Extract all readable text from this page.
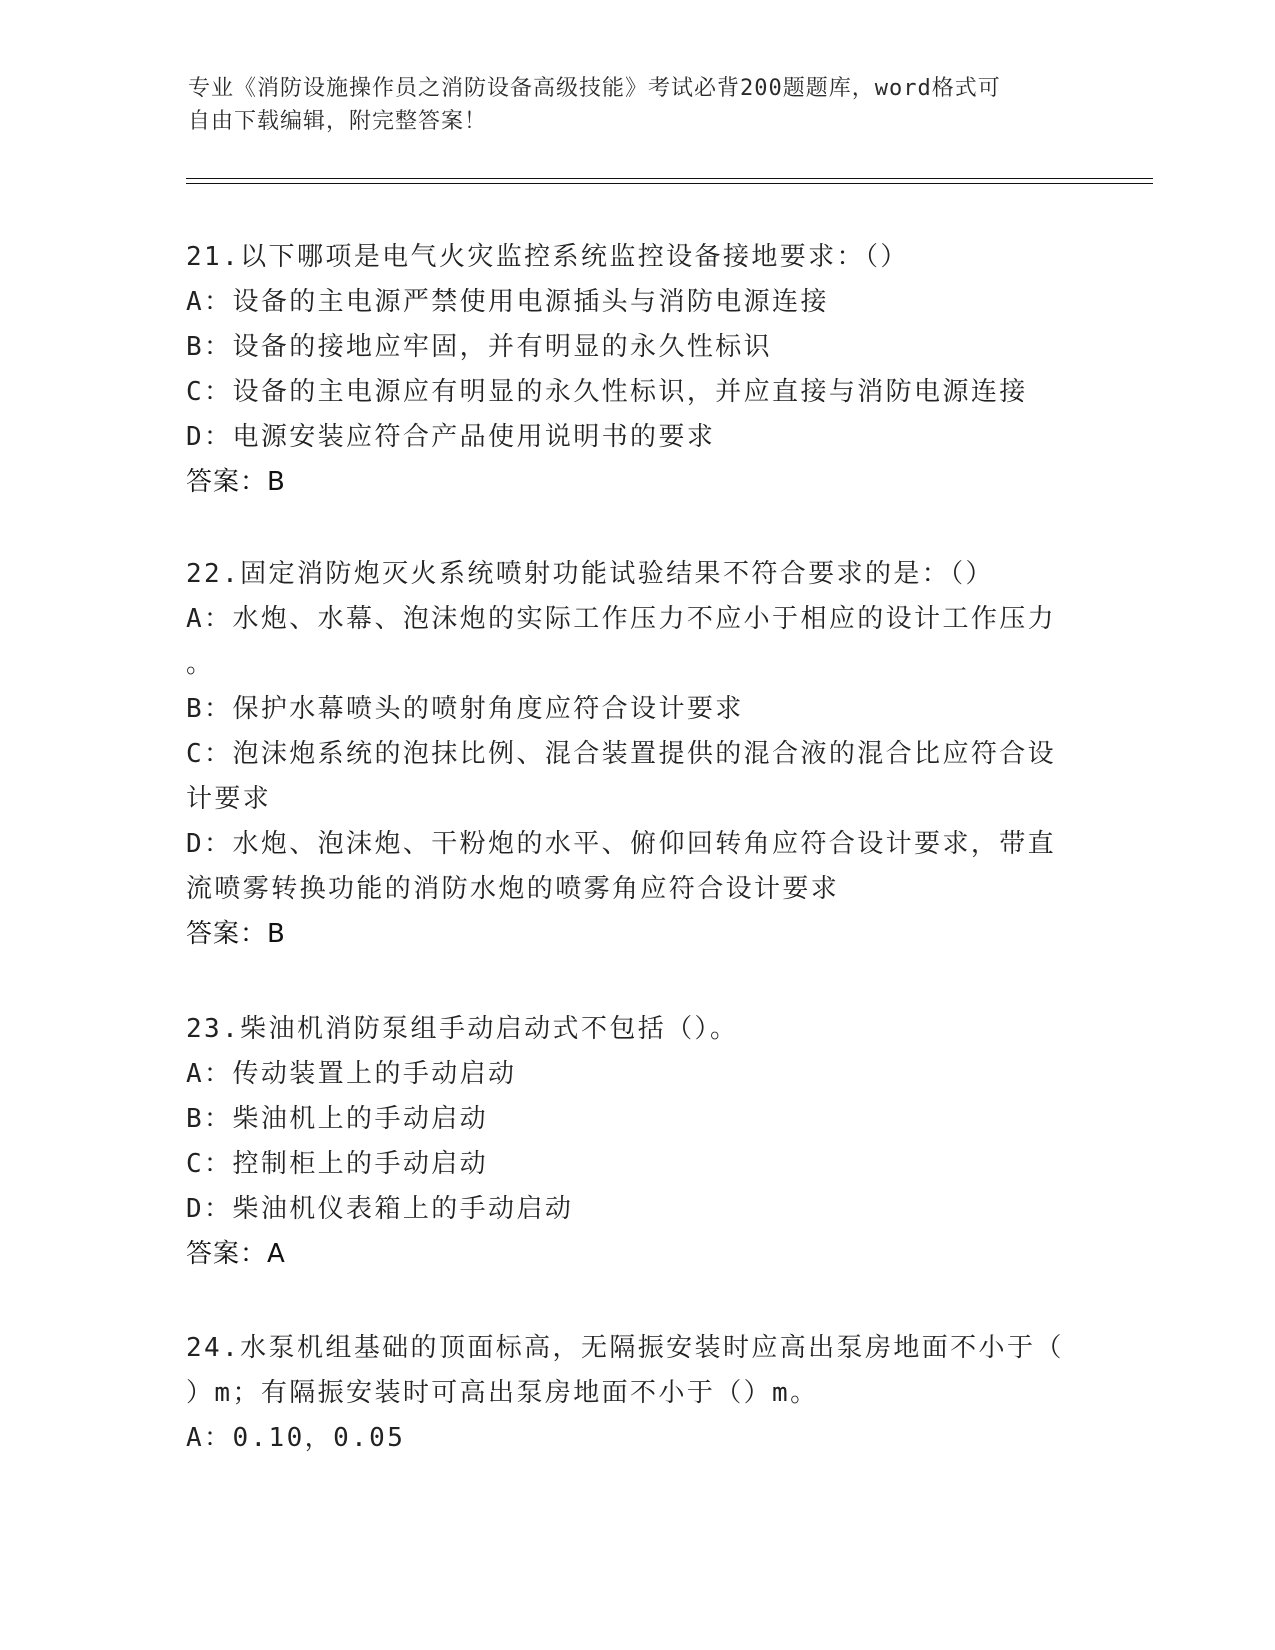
专业《消防设施操作员之消防设备高级技能》考试必背200题题库，word格式可
自由下载编辑，附完整答案！
21.以下哪项是电气火灾监控系统监控设备接地要求：（）
A：设备的主电源严禁使用电源插头与消防电源连接
B：设备的接地应牢固，并有明显的永久性标识
C：设备的主电源应有明显的永久性标识，并应直接与消防电源连接
D：电源安装应符合产品使用说明书的要求
答案：B
22.固定消防炮灭火系统喷射功能试验结果不符合要求的是：（）
A：水炮、水幕、泡沫炮的实际工作压力不应小于相应的设计工作压力
。
B：保护水幕喷头的喷射角度应符合设计要求
C：泡沫炮系统的泡抹比例、混合装置提供的混合液的混合比应符合设
计要求
D：水炮、泡沫炮、干粉炮的水平、俯仰回转角应符合设计要求，带直
流喷雾转换功能的消防水炮的喷雾角应符合设计要求
答案：B
23.柴油机消防泵组手动启动式不包括（）。
A：传动装置上的手动启动
B：柴油机上的手动启动
C：控制柜上的手动启动
D：柴油机仪表箱上的手动启动
答案：A
24.水泵机组基础的顶面标高，无隔振安装时应高出泵房地面不小于（
）m；有隔振安装时可高出泵房地面不小于（）m。
A：0.10，0.05
